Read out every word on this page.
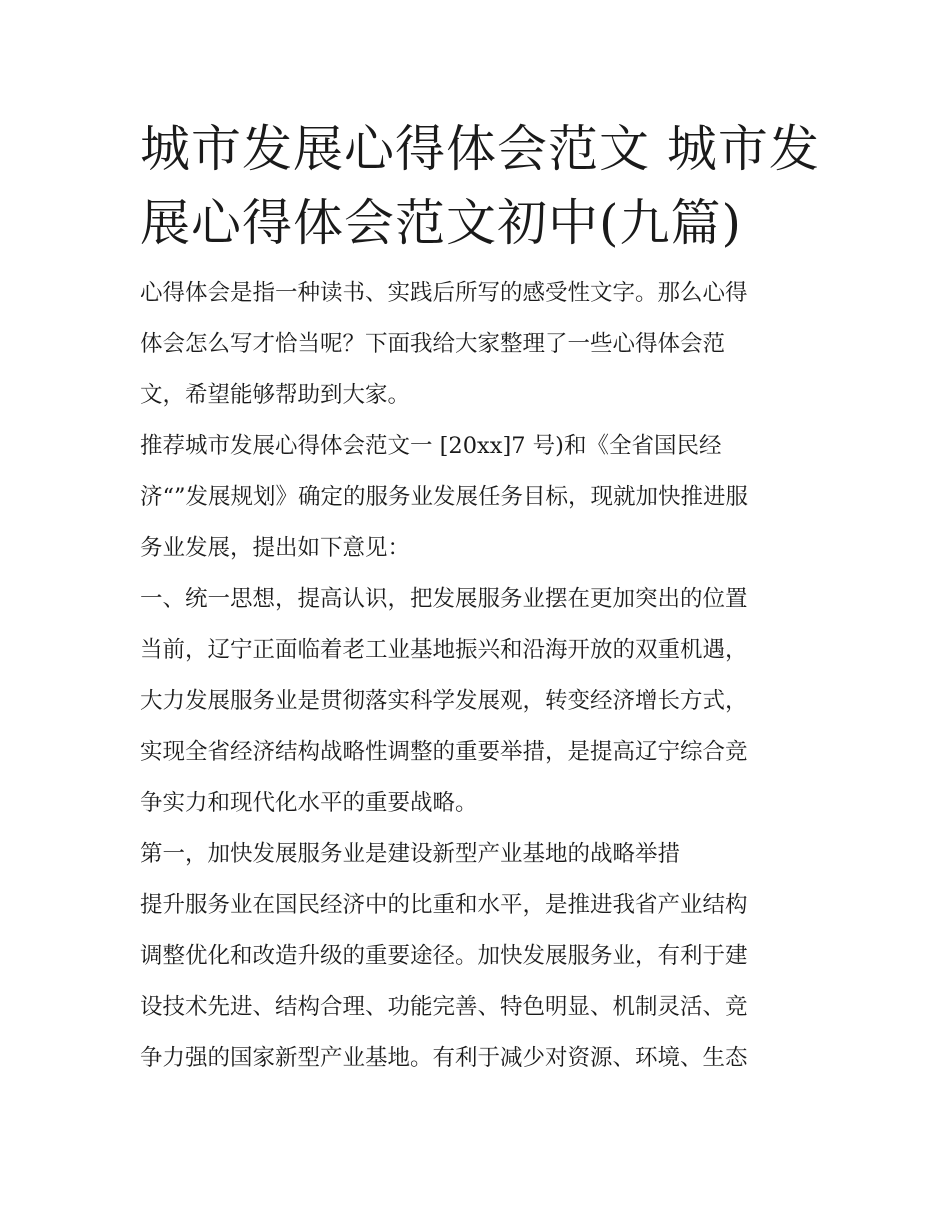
城市发展心得体会范文 城市发
展心得体会范文初中(九篇)

心得体会是指一种读书、实践后所写的感受性文字。那么心得
体会怎么写才恰当呢？下面我给大家整理了一些心得体会范
文，希望能够帮助到大家。

推荐城市发展心得体会范文一 [20xx]7 号)和《全省国民经
济“”发展规划》确定的服务业发展任务目标，现就加快推进服
务业发展，提出如下意见：

一、统一思想，提高认识，把发展服务业摆在更加突出的位置
当前，辽宁正面临着老工业基地振兴和沿海开放的双重机遇，
大力发展服务业是贯彻落实科学发展观，转变经济增长方式，
实现全省经济结构战略性调整的重要举措，是提高辽宁综合竞
争实力和现代化水平的重要战略。

第一，加快发展服务业是建设新型产业基地的战略举措

提升服务业在国民经济中的比重和水平，是推进我省产业结构
调整优化和改造升级的重要途径。加快发展服务业，有利于建
设技术先进、结构合理、功能完善、特色明显、机制灵活、竞
争力强的国家新型产业基地。有利于减少对资源、环境、生态
